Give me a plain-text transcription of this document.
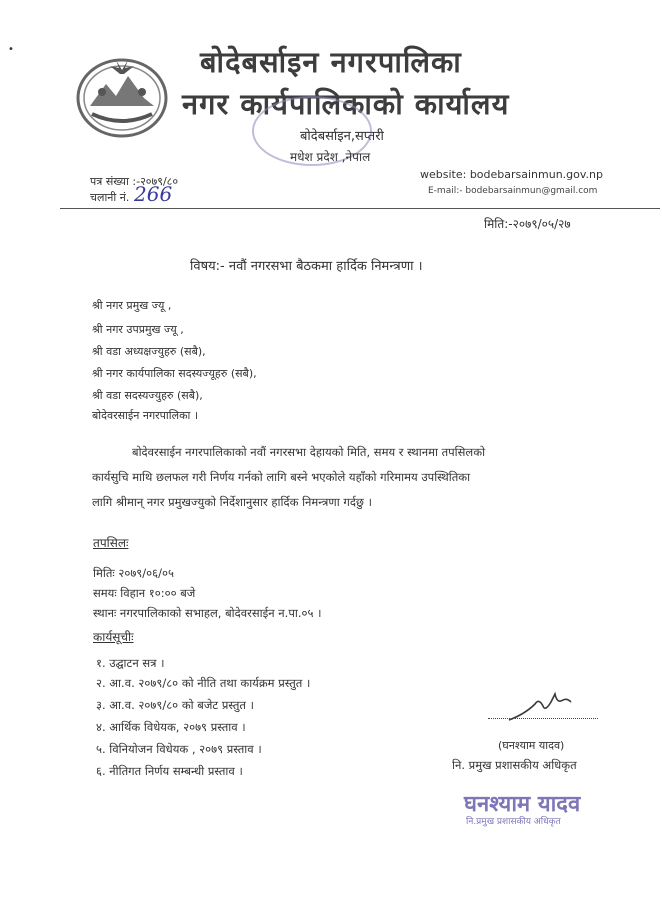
•	बोदेबर्साइन नगरपालिका
नगर कार्यपालिकाको कार्यालय
बोदेबर्साइन,सप्तरी
मधेश प्रदेश ,नेपाल
पत्र संख्या :-२०७९/८०
चलानी नं. 266
website: bodebarsainmun.gov.np
E-mail:- bodebarsainmun@gmail.com
मिति:-२०७९/०५/२७
विषय:- नवौं नगरसभा बैठकमा हार्दिक निमन्त्रणा ।
श्री नगर प्रमुख ज्यू ,
श्री नगर उपप्रमुख ज्यू ,
श्री वडा अध्यक्षज्युहरु (सबै),
श्री नगर कार्यपालिका सदस्यज्यूहरु (सबै),
श्री वडा सदस्यज्युहरु (सबै),
बोदेवरसाईन नगरपालिका ।

बोदेवरसाईन नगरपालिकाको नवौं नगरसभा देहायको मिति, समय र स्थानमा तपसिलको

कार्यसुचि माथि छलफल गरी निर्णय गर्नको लागि बस्ने भएकोले यहाँको गरिमामय उपस्थितिका

लागि श्रीमान् नगर प्रमुखज्युको निर्देशानुसार हार्दिक निमन्त्रणा गर्दछु ।

तपसिलः
मितिः २०७९/०६/०५
समयः विहान १०:०० बजे
स्थानः नगरपालिकाको सभाहल, बोदेवरसाईन न.पा.०५ ।
कार्यसूचीः
१. उद्घाटन सत्र ।
२. आ.व. २०७९/८० को नीति तथा कार्यक्रम प्रस्तुत ।
३. आ.व. २०७९/८० को बजेट प्रस्तुत ।
४. आर्थिक विधेयक, २०७९ प्रस्ताव ।
५. विनियोजन विधेयक , २०७९ प्रस्ताव ।
६. नीतिगत निर्णय सम्बन्धी प्रस्ताव ।
(घनश्याम यादव)
नि. प्रमुख प्रशासकीय अधिकृत
घनश्याम यादव
नि.प्रमुख प्रशासकीय अधिकृत
